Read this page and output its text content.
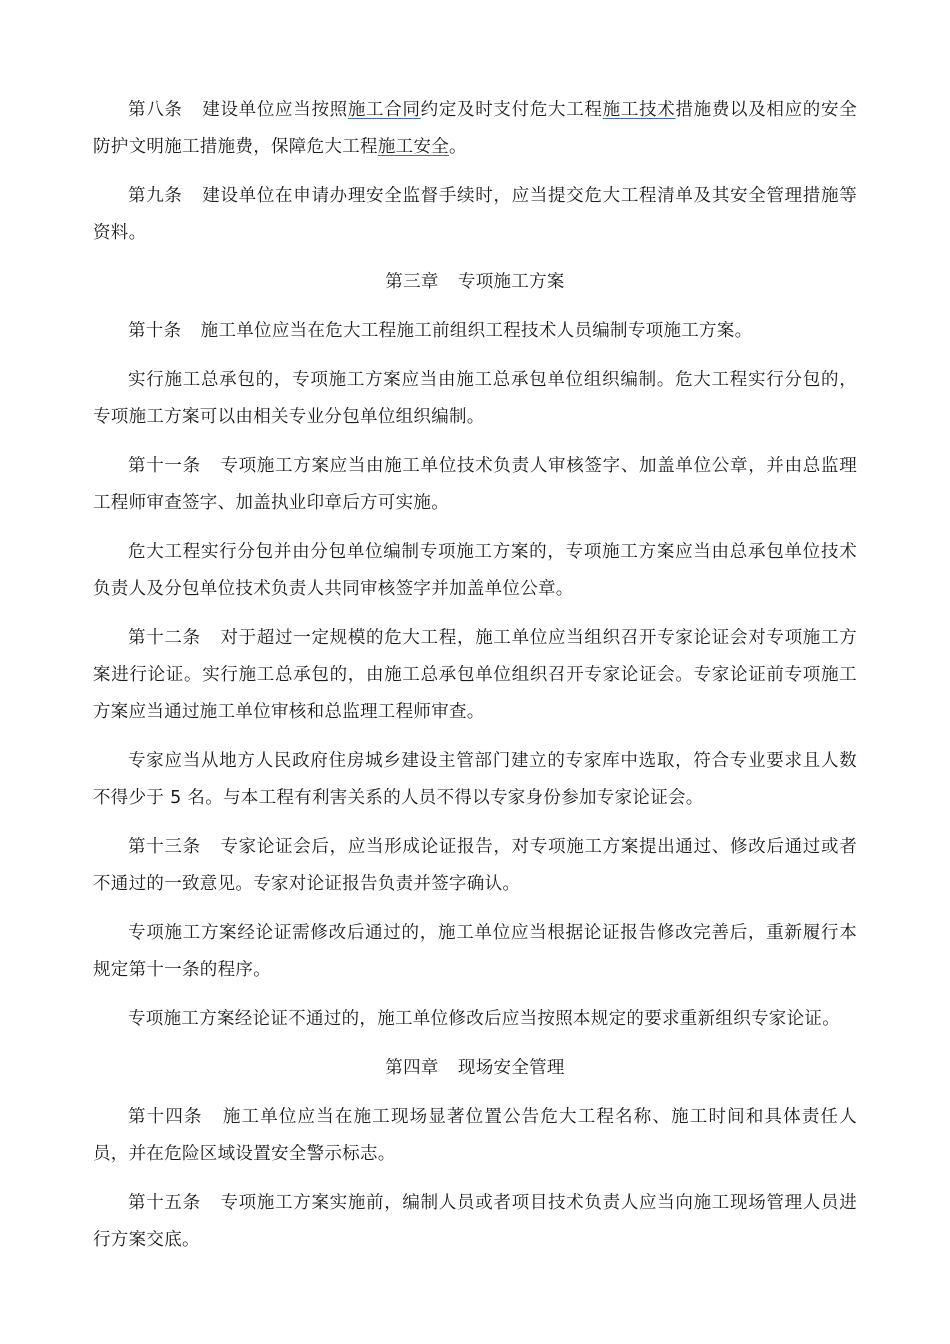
第八条 建设单位应当按照施工合同约定及时支付危大工程施工技术措施费以及相应的安全防护文明施工措施费，保障危大工程施工安全。

第九条 建设单位在申请办理安全监督手续时，应当提交危大工程清单及其安全管理措施等资料。

第三章 专项施工方案

第十条 施工单位应当在危大工程施工前组织工程技术人员编制专项施工方案。

实行施工总承包的，专项施工方案应当由施工总承包单位组织编制。危大工程实行分包的，专项施工方案可以由相关专业分包单位组织编制。

第十一条 专项施工方案应当由施工单位技术负责人审核签字、加盖单位公章，并由总监理工程师审查签字、加盖执业印章后方可实施。

危大工程实行分包并由分包单位编制专项施工方案的，专项施工方案应当由总承包单位技术负责人及分包单位技术负责人共同审核签字并加盖单位公章。

第十二条 对于超过一定规模的危大工程，施工单位应当组织召开专家论证会对专项施工方案进行论证。实行施工总承包的，由施工总承包单位组织召开专家论证会。专家论证前专项施工方案应当通过施工单位审核和总监理工程师审查。

专家应当从地方人民政府住房城乡建设主管部门建立的专家库中选取，符合专业要求且人数不得少于 5 名。与本工程有利害关系的人员不得以专家身份参加专家论证会。

第十三条 专家论证会后，应当形成论证报告，对专项施工方案提出通过、修改后通过或者不通过的一致意见。专家对论证报告负责并签字确认。

专项施工方案经论证需修改后通过的，施工单位应当根据论证报告修改完善后，重新履行本规定第十一条的程序。

专项施工方案经论证不通过的，施工单位修改后应当按照本规定的要求重新组织专家论证。

第四章 现场安全管理

第十四条 施工单位应当在施工现场显著位置公告危大工程名称、施工时间和具体责任人员，并在危险区域设置安全警示标志。

第十五条 专项施工方案实施前，编制人员或者项目技术负责人应当向施工现场管理人员进行方案交底。
